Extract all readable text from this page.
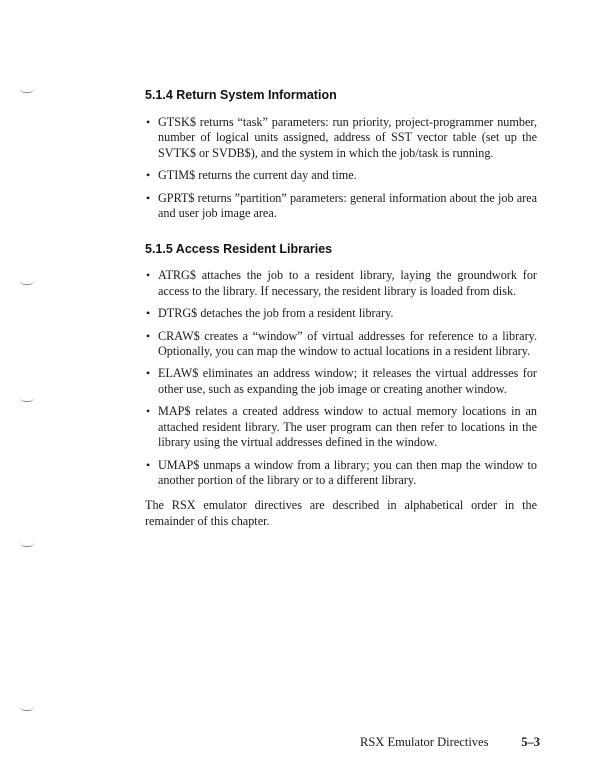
5.1.4 Return System Information
• GTSK$ returns “task” parameters: run priority, project-programmer number, number of logical units assigned, address of SST vector table (set up the SVTK$ or SVDB$), and the system in which the job/task is running.
• GTIM$ returns the current day and time.
• GPRT$ returns ”partition” parameters: general information about the job area and user job image area.
5.1.5 Access Resident Libraries
• ATRG$ attaches the job to a resident library, laying the groundwork for access to the library. If necessary, the resident library is loaded from disk.
• DTRG$ detaches the job from a resident library.
• CRAW$ creates a “window” of virtual addresses for reference to a library. Optionally, you can map the window to actual locations in a resident library.
• ELAW$ eliminates an address window; it releases the virtual addresses for other use, such as expanding the job image or creating another window.
• MAP$ relates a created address window to actual memory locations in an attached resident library. The user program can then refer to locations in the library using the virtual addresses defined in the window.
• UMAP$ unmaps a window from a library; you can then map the window to another portion of the library or to a different library.

The RSX emulator directives are described in alphabetical order in the remainder of this chapter.

RSX Emulator Directives	5–3
